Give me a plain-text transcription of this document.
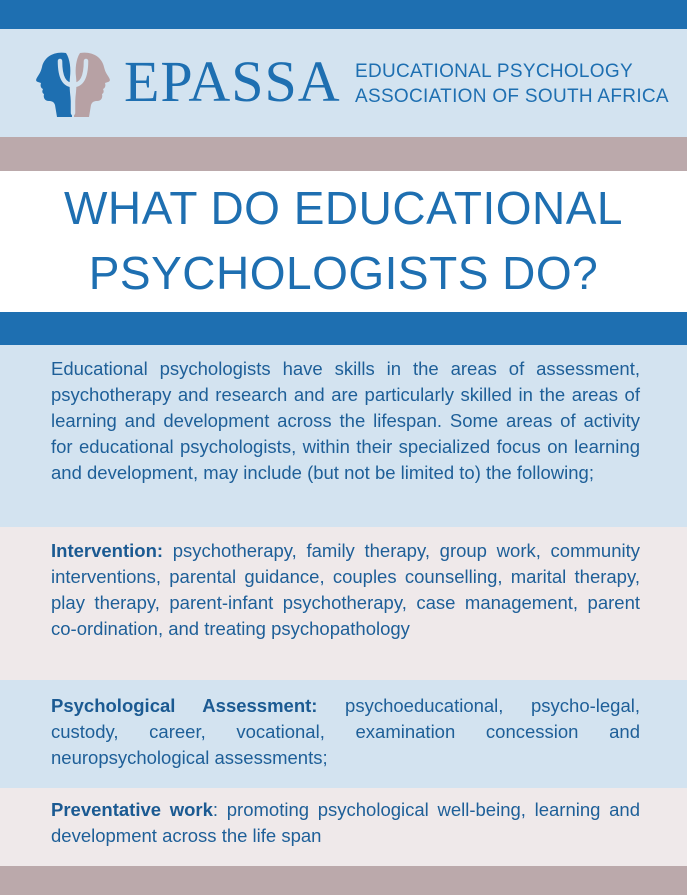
EPASSA EDUCATIONAL PSYCHOLOGY
ASSOCIATION OF SOUTH AFRICA
WHAT DO EDUCATIONAL
PSYCHOLOGISTS DO?
Educational psychologists have skills in the areas of assessment, psychotherapy and research and are particularly skilled in the areas of learning and development across the lifespan. Some areas of activity for educational psychologists, within their specialized focus on learning and development, may include (but not be limited to) the following;
Intervention: psychotherapy, family therapy, group work, community interventions, parental guidance, couples counselling, marital therapy, play therapy, parent-infant psychotherapy, case management, parent co-ordination, and treating psychopathology
Psychological Assessment: psychoeducational, psycho-legal, custody, career, vocational, examination concession and neuropsychological assessments;
Preventative work: promoting psychological well-being, learning and development across the life span
